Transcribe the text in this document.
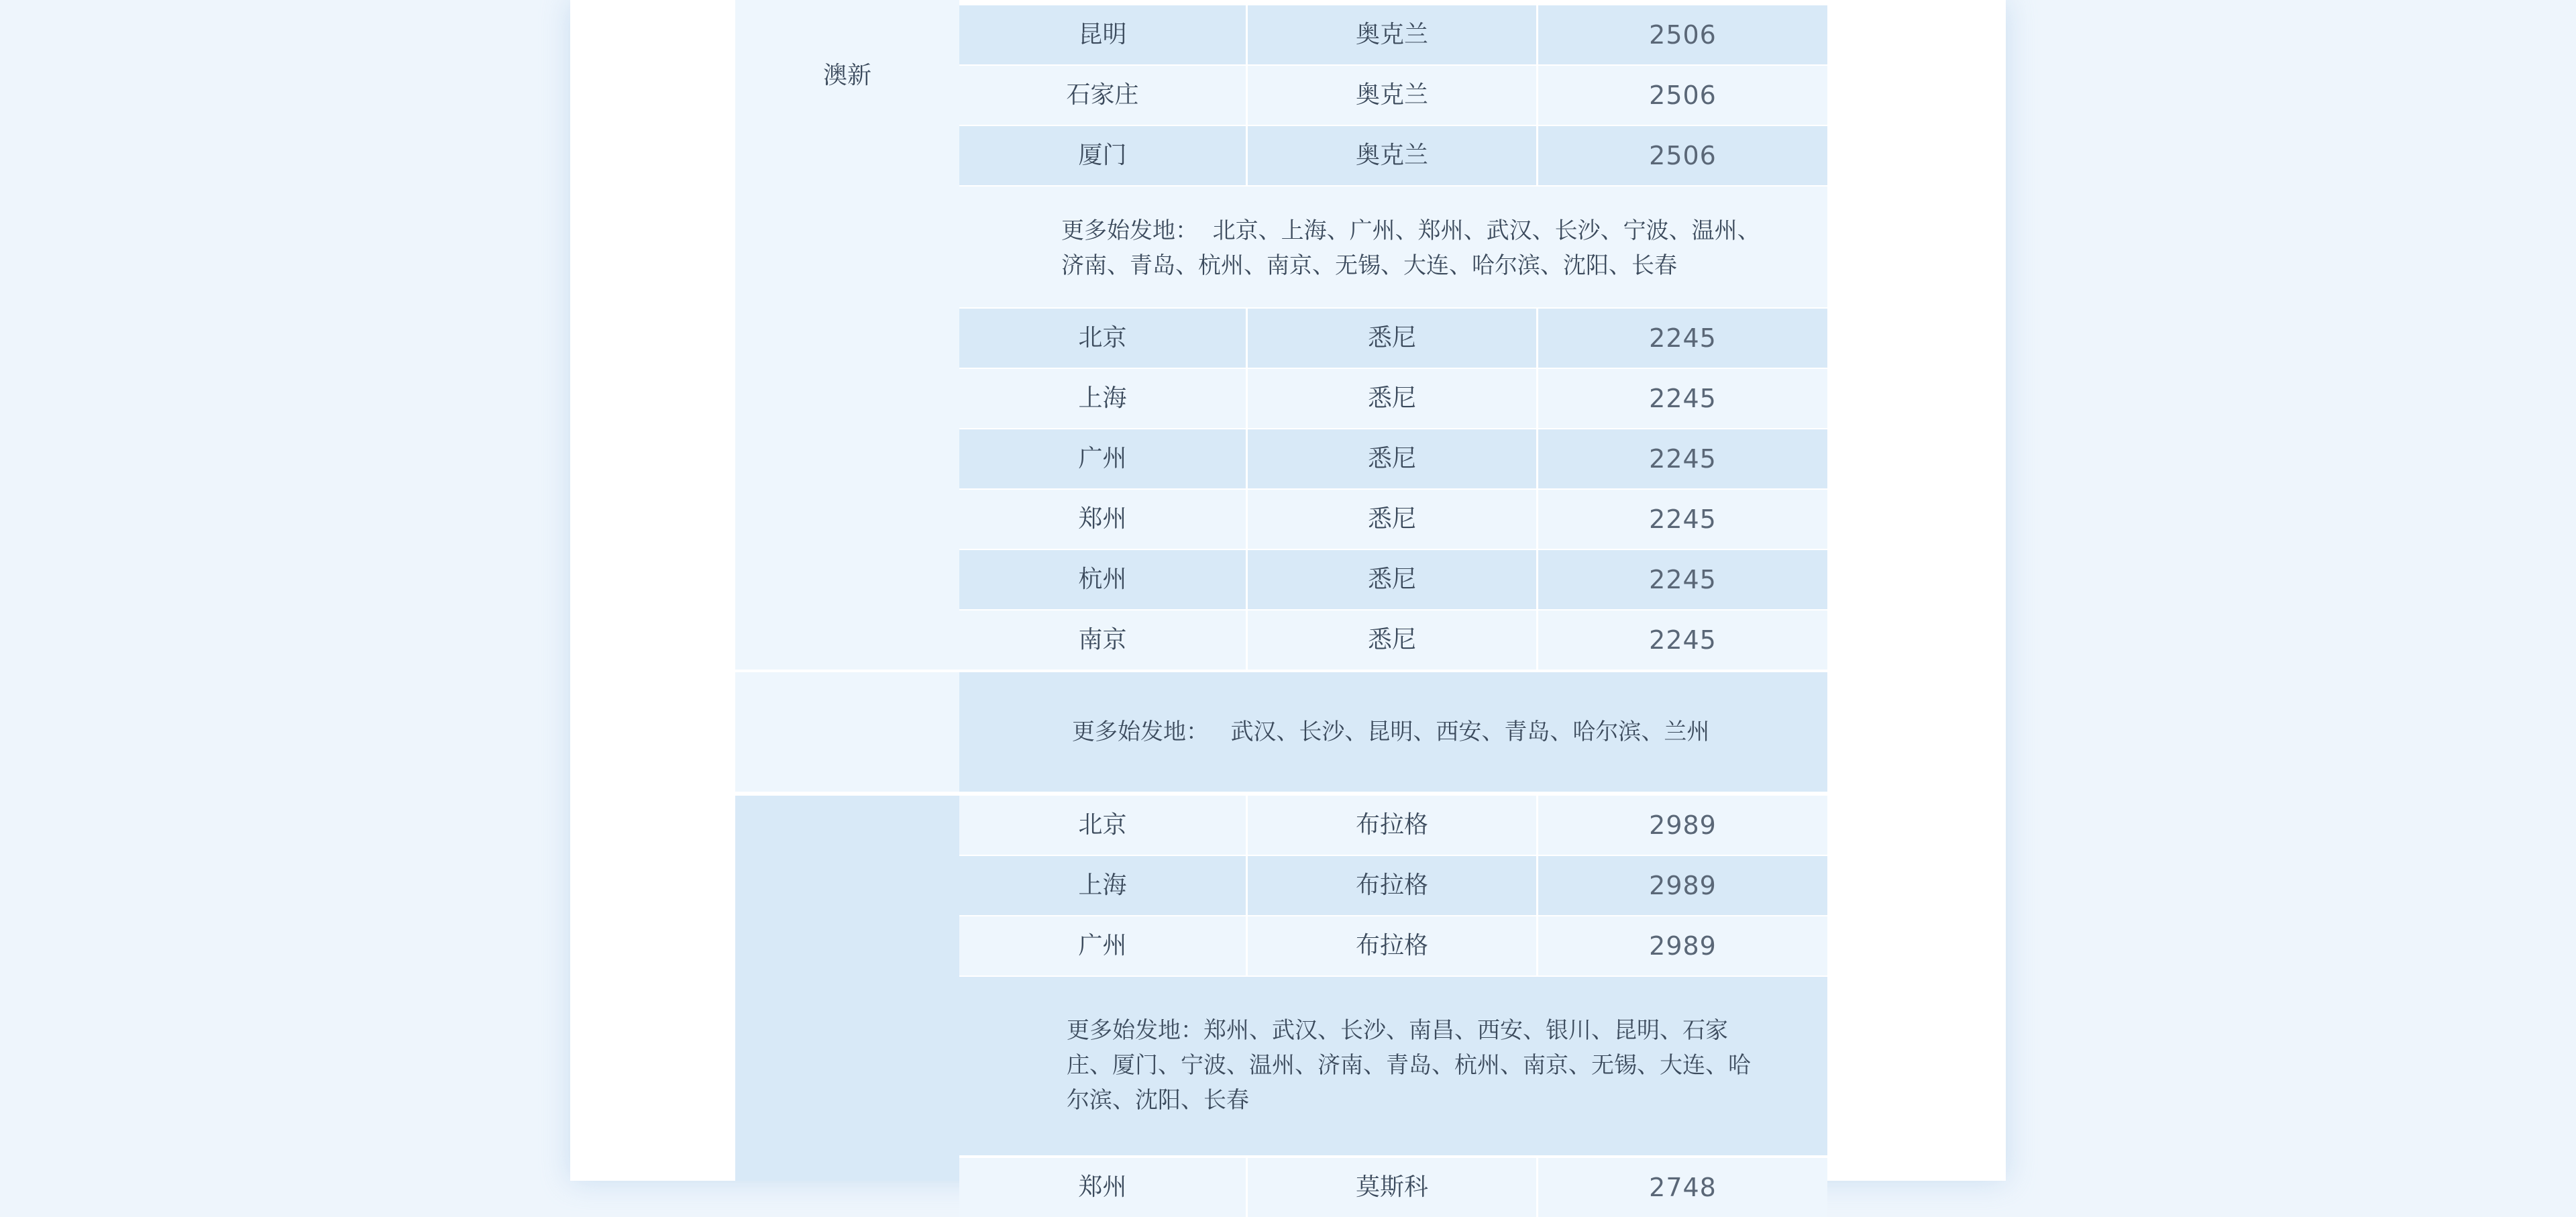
澳新
昆明	奥克兰	2506
石家庄	奥克兰	2506
厦门	奥克兰	2506

更多始发地： 北京、上海、广州、郑州、武汉、长沙、宁波、温州、

济南、青岛、杭州、南京、无锡、大连、哈尔滨、沈阳、长春

北京	悉尼	2245
上海	悉尼	2245
广州	悉尼	2245
郑州	悉尼	2245
杭州	悉尼	2245
南京	悉尼	2245
更多始发地：
武汉、长沙、昆明、西安、青岛、哈尔滨、兰州
北京	布拉格	2989
上海	布拉格	2989
广州	布拉格	2989

更多始发地：郑州、武汉、长沙、南昌、西安、银川、昆明、石家

庄、厦门、宁波、温州、济南、青岛、杭州、南京、无锡、大连、哈

尔滨、沈阳、长春

郑州	莫斯科	2748
